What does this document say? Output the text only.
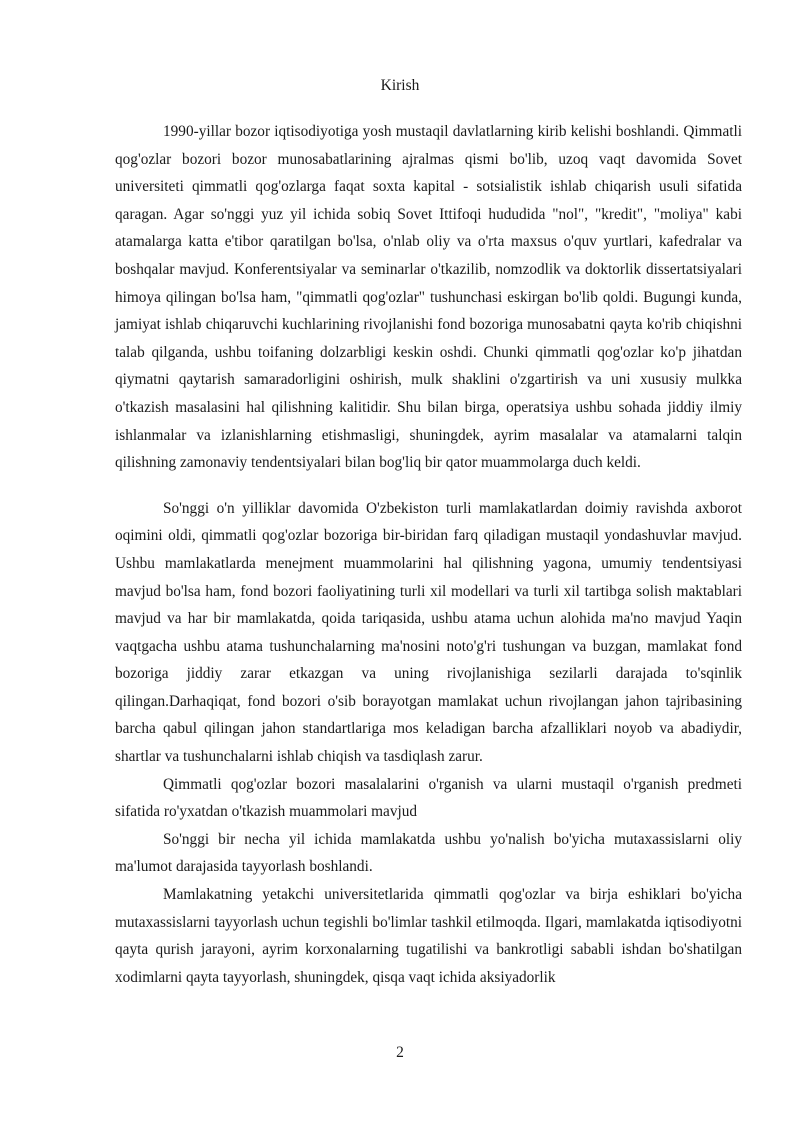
Kirish

1990-yillar bozor iqtisodiyotiga yosh mustaqil davlatlarning kirib kelishi boshlandi. Qimmatli qog'ozlar bozori bozor munosabatlarining ajralmas qismi bo'lib, uzoq vaqt davomida Sovet universiteti qimmatli qog'ozlarga faqat soxta kapital - sotsialistik ishlab chiqarish usuli sifatida qaragan. Agar so'nggi yuz yil ichida sobiq Sovet Ittifoqi hududida "nol", "kredit", "moliya" kabi atamalarga katta e'tibor qaratilgan bo'lsa, o'nlab oliy va o'rta maxsus o'quv yurtlari, kafedralar va boshqalar mavjud. Konferentsiyalar va seminarlar o'tkazilib, nomzodlik va doktorlik dissertatsiyalari himoya qilingan bo'lsa ham, "qimmatli qog'ozlar" tushunchasi eskirgan bo'lib qoldi. Bugungi kunda, jamiyat ishlab chiqaruvchi kuchlarining rivojlanishi fond bozoriga munosabatni qayta ko'rib chiqishni talab qilganda, ushbu toifaning dolzarbligi keskin oshdi. Chunki qimmatli qog'ozlar ko'p jihatdan qiymatni qaytarish samaradorligini oshirish, mulk shaklini o'zgartirish va uni xususiy mulkka o'tkazish masalasini hal qilishning kalitidir. Shu bilan birga, operatsiya ushbu sohada jiddiy ilmiy ishlanmalar va izlanishlarning etishmasligi, shuningdek, ayrim masalalar va atamalarni talqin qilishning zamonaviy tendentsiyalari bilan bog'liq bir qator muammolarga duch keldi.

So'nggi o'n yilliklar davomida O'zbekiston turli mamlakatlardan doimiy ravishda axborot oqimini oldi, qimmatli qog'ozlar bozoriga bir-biridan farq qiladigan mustaqil yondashuvlar mavjud. Ushbu mamlakatlarda menejment muammolarini hal qilishning yagona, umumiy tendentsiyasi mavjud bo'lsa ham, fond bozori faoliyatining turli xil modellari va turli xil tartibga solish maktablari mavjud va har bir mamlakatda, qoida tariqasida, ushbu atama uchun alohida ma'no mavjud Yaqin vaqtgacha ushbu atama tushunchalarning ma'nosini noto'g'ri tushungan va buzgan, mamlakat fond bozoriga jiddiy zarar etkazgan va uning rivojlanishiga sezilarli darajada to'sqinlik qilingan.Darhaqiqat, fond bozori o'sib borayotgan mamlakat uchun rivojlangan jahon tajribasining barcha qabul qilingan jahon standartlariga mos keladigan barcha afzalliklari noyob va abadiydir, shartlar va tushunchalarni ishlab chiqish va tasdiqlash zarur.

Qimmatli qog'ozlar bozori masalalarini o'rganish va ularni mustaqil o'rganish predmeti sifatida ro'yxatdan o'tkazish muammolari mavjud

So'nggi bir necha yil ichida mamlakatda ushbu yo'nalish bo'yicha mutaxassislarni oliy ma'lumot darajasida tayyorlash boshlandi.

Mamlakatning yetakchi universitetlarida qimmatli qog'ozlar va birja eshiklari bo'yicha mutaxassislarni tayyorlash uchun tegishli bo'limlar tashkil etilmoqda. Ilgari, mamlakatda iqtisodiyotni qayta qurish jarayoni, ayrim korxonalarning tugatilishi va bankrotligi sababli ishdan bo'shatilgan xodimlarni qayta tayyorlash, shuningdek, qisqa vaqt ichida aksiyadorlik

2
